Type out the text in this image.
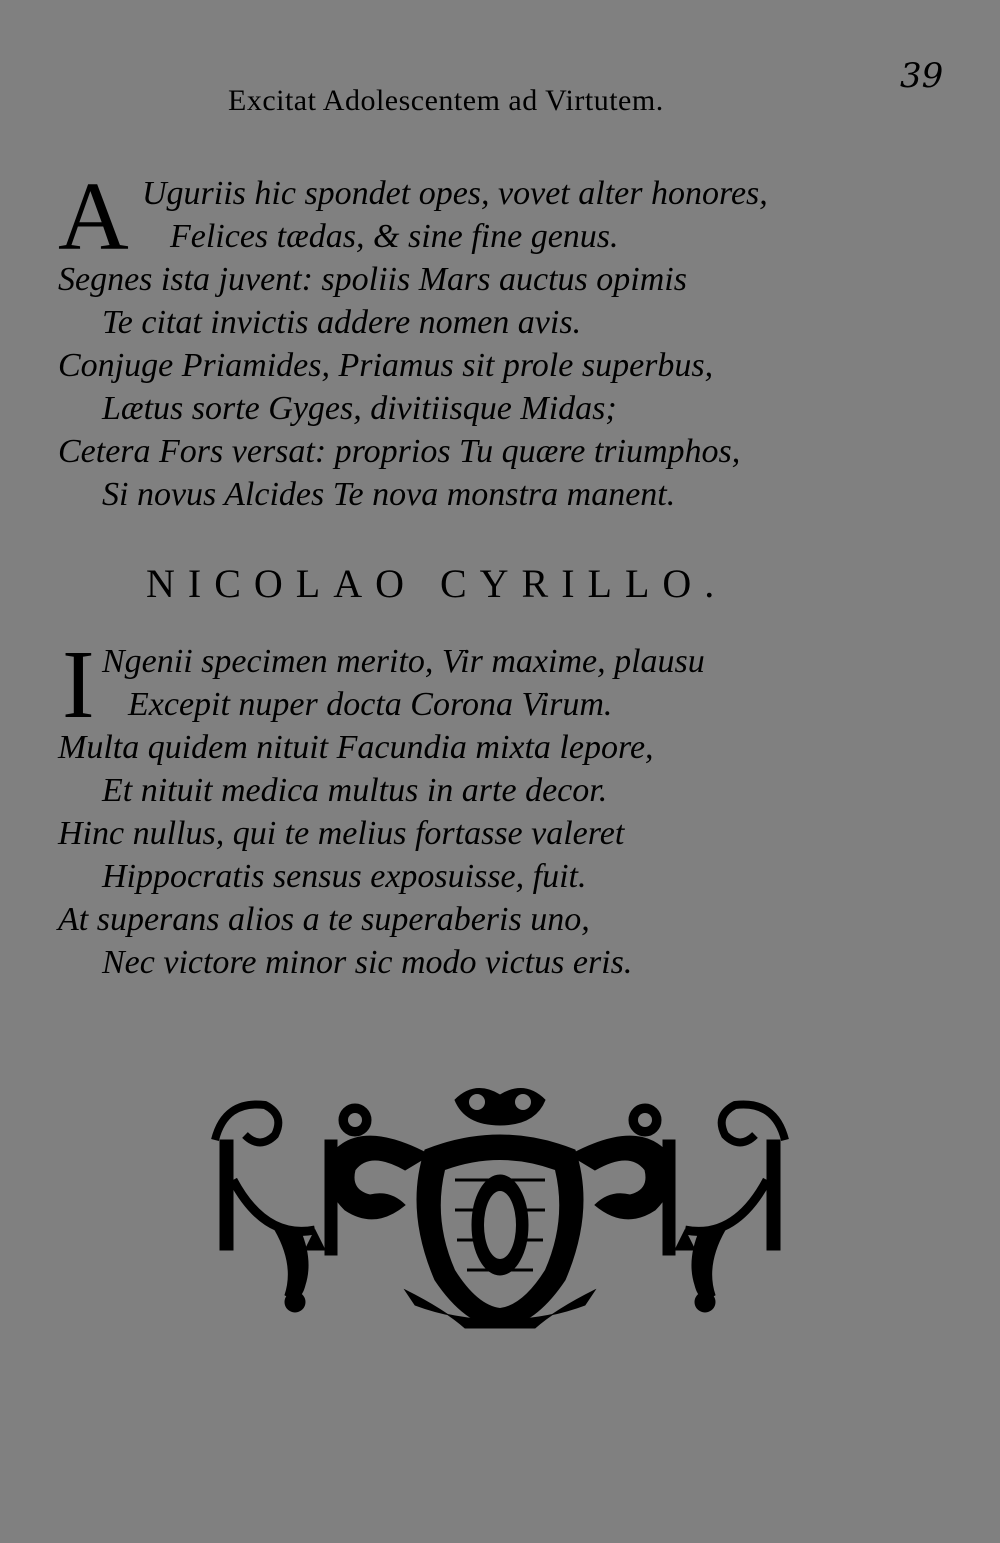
39
Excitat Adolescentem ad Virtutem.
A Uguriis hic spondet opes, vovet alter honores,
Felices tædas, & sine fine genus.
Segnes ista juvent: spoliis Mars auctus opimis
Te citat invictis addere nomen avis.
Conjuge Priamides, Priamus sit prole superbus,
Lætus sorte Gyges, divitiisque Midas;
Cetera Fors versat: proprios Tu quære triumphos,
Si novus Alcides Te nova monstra manent.
NICOLAO CYRILLO.
I Ngenii specimen merito, Vir maxime, plausu
Excepit nuper docta Corona Virum.
Multa quidem nituit Facundia mixta lepore,
Et nituit medica multus in arte decor.
Hinc nullus, qui te melius fortasse valeret
Hippocratis sensus exposuisse, fuit.
At superans alios a te superaberis uno,
Nec victore minor sic modo victus eris.
